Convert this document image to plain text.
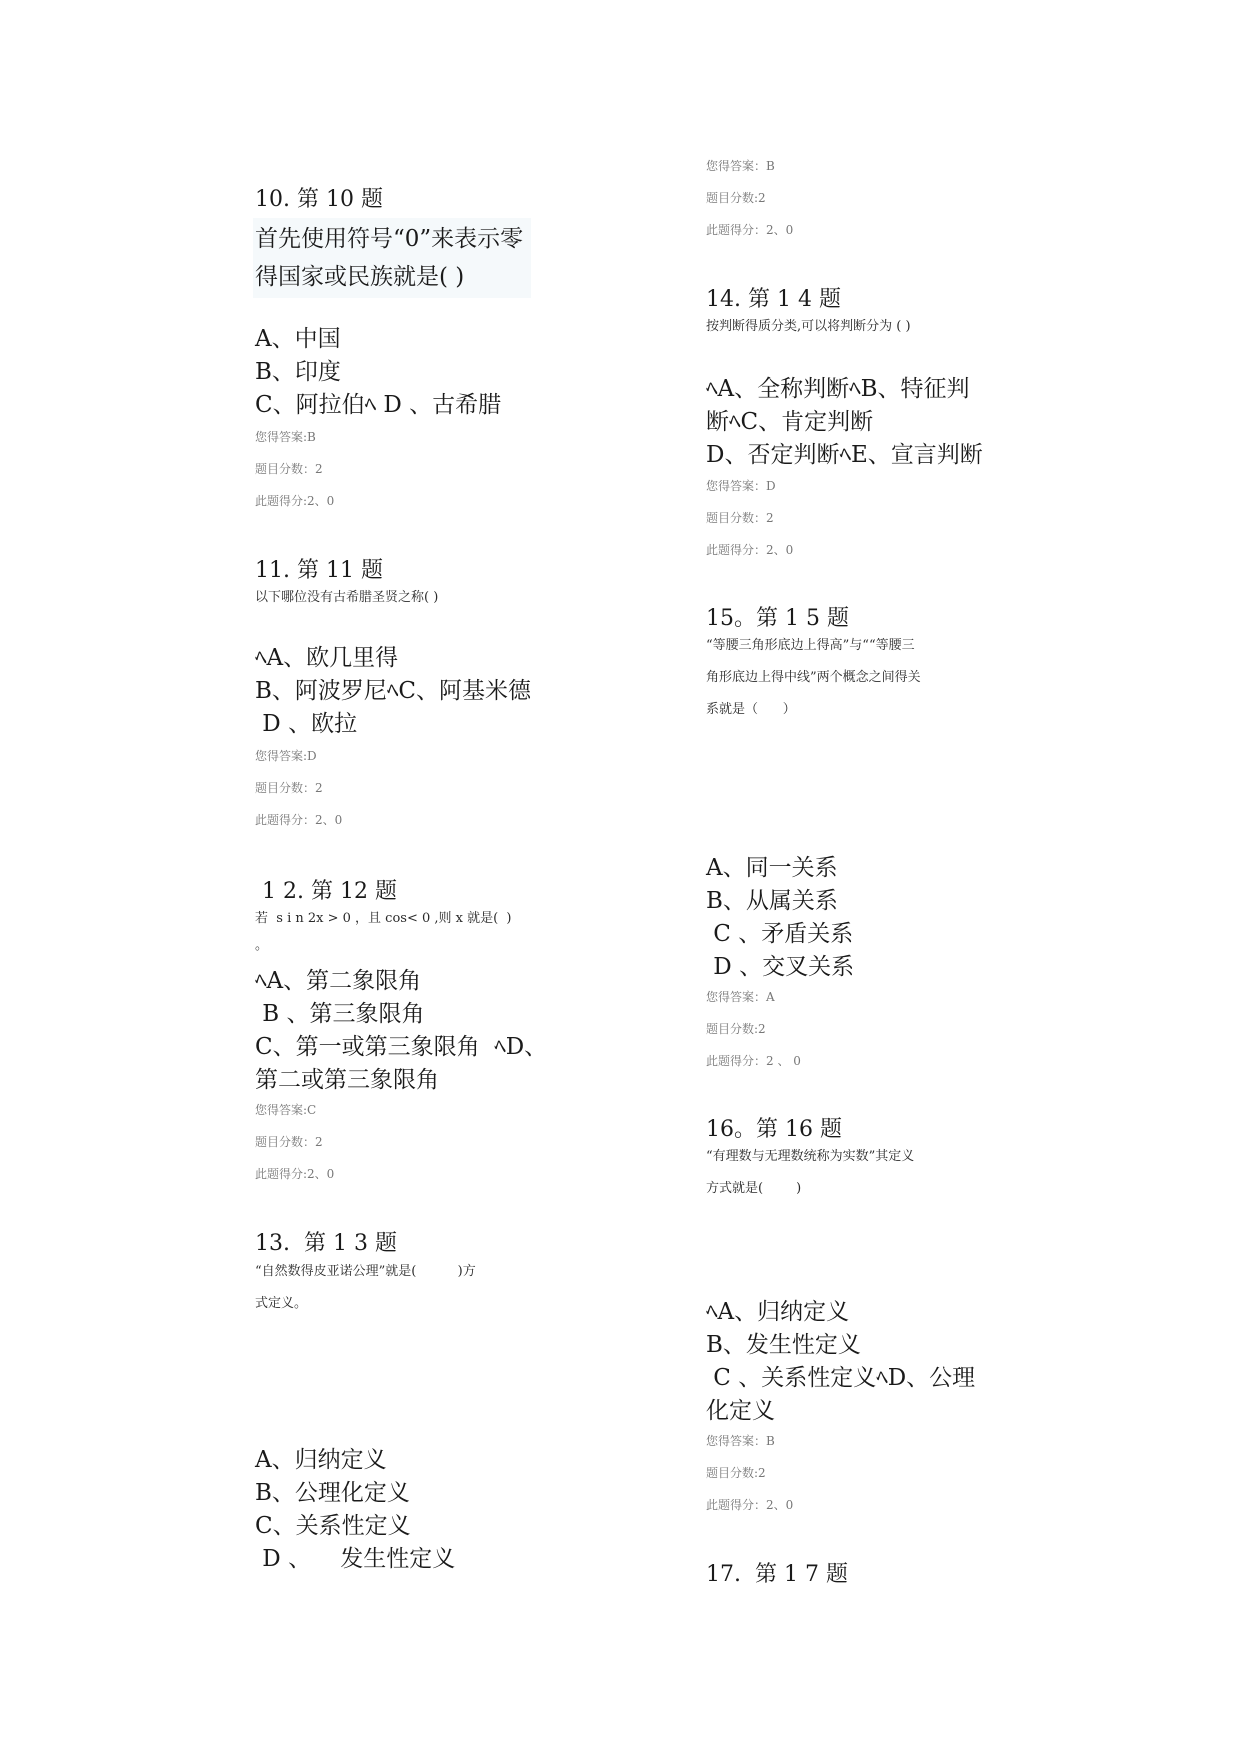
10. 第 10 题
首先使用符号“0”来表示零
得国家或民族就是( )
A、中国
B、印度
C、阿拉伯ﾍ D 、古希腊
您得答案:B
题目分数：2
此题得分:2、0
11. 第 11 题
以下哪位没有古希腊圣贤之称( )
ﾍA、欧几里得
B、阿波罗尼ﾍC、阿基米德
D 、欧拉
您得答案:D
题目分数：2
此题得分：2、0
1 2. 第 12 题
若  s i n 2x > 0 ，且 cos< 0 ,则 x 就是(  )
。
ﾍA、第二象限角
B 、第三象限角
C、第一或第三象限角  ﾍD、
第二或第三象限角
您得答案:C
题目分数：2
此题得分:2、0
13.  第 1 3 题
“自然数得皮亚诺公理”就是(          )方
式定义。
A、归纳定义
B、公理化定义
C、关系性定义
D 、    发生性定义
您得答案：B
题目分数:2
此题得分：2、0
14. 第 1 4 题
按判断得质分类,可以将判断分为 ( )
ﾍA、全称判断ﾍB、特征判
断ﾍC、肯定判断
D、否定判断ﾍE、宣言判断
您得答案：D
题目分数：2
此题得分：2、0
15。第 1 5 题
“等腰三角形底边上得高”与““等腰三
角形底边上得中线”两个概念之间得关
系就是（      ）
A、同一关系
B、从属关系
C 、矛盾关系
D 、交叉关系
您得答案：A
题目分数:2
此题得分：2 、 0
16。第 16 题
“有理数与无理数统称为实数”其定义
方式就是(        )
ﾍA、归纳定义
B、发生性定义
C 、关系性定义ﾍD、公理
化定义
您得答案：B
题目分数:2
此题得分：2、0
17.  第 1 7 题
